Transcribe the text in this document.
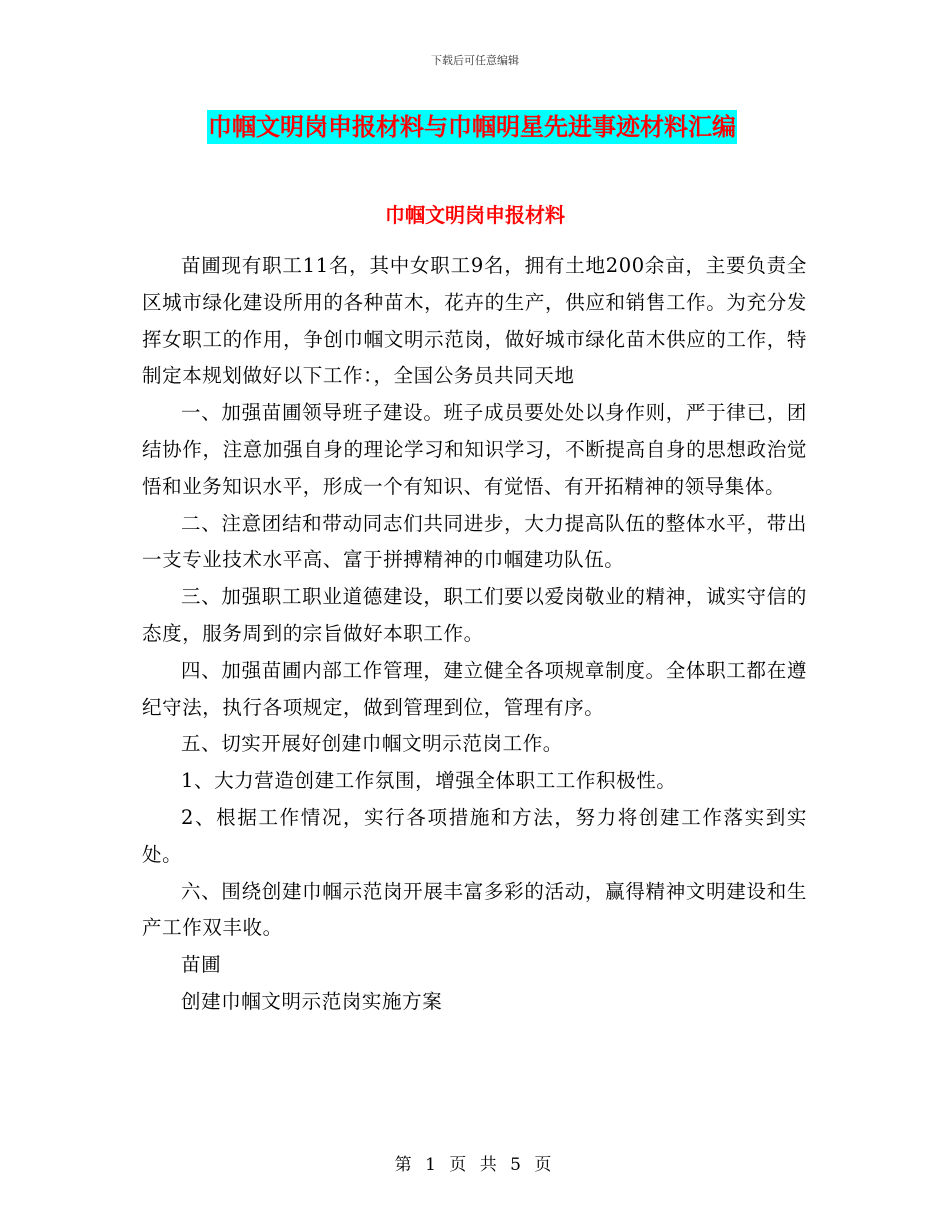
下载后可任意编辑
巾帼文明岗申报材料与巾帼明星先进事迹材料汇编
巾帼文明岗申报材料

苗圃现有职工11名，其中女职工9名，拥有土地200余亩，主要负责全区城市绿化建设所用的各种苗木，花卉的生产，供应和销售工作。为充分发挥女职工的作用，争创巾帼文明示范岗，做好城市绿化苗木供应的工作，特制定本规划做好以下工作：，全国公务员共同天地

一、加强苗圃领导班子建设。班子成员要处处以身作则，严于律已，团结协作，注意加强自身的理论学习和知识学习，不断提高自身的思想政治觉悟和业务知识水平，形成一个有知识、有觉悟、有开拓精神的领导集体。

二、注意团结和带动同志们共同进步，大力提高队伍的整体水平，带出一支专业技术水平高、富于拼搏精神的巾帼建功队伍。

三、加强职工职业道德建设，职工们要以爱岗敬业的精神，诚实守信的态度，服务周到的宗旨做好本职工作。

四、加强苗圃内部工作管理，建立健全各项规章制度。全体职工都在遵纪守法，执行各项规定，做到管理到位，管理有序。

五、切实开展好创建巾帼文明示范岗工作。

1、大力营造创建工作氛围，增强全体职工工作积极性。

2、根据工作情况，实行各项措施和方法，努力将创建工作落实到实处。

六、围绕创建巾帼示范岗开展丰富多彩的活动，赢得精神文明建设和生产工作双丰收。

苗圃

创建巾帼文明示范岗实施方案

第 1 页 共 5 页
